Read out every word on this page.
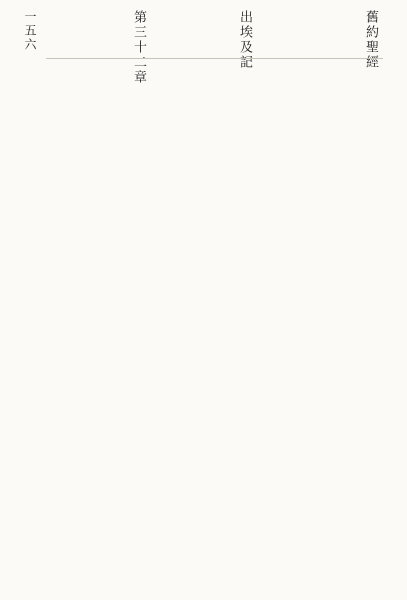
舊約聖經
出埃及記
第三十二章
一五六
